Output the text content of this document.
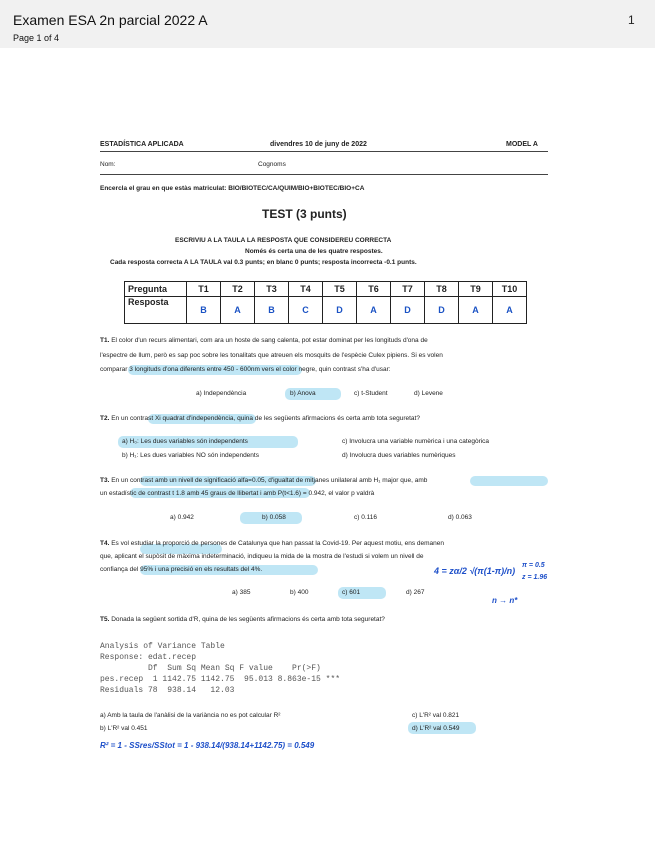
Examen ESA 2n parcial 2022 A
Page 1 of 4
1
ESTADÍSTICA APLICADA	divendres 10 de juny de 2022	MODEL A
Nom:	Cognoms
Encercla el grau en que estàs matriculat: BIO/BIOTEC/CA/QUIM/BIO+BIOTEC/BIO+CA
TEST (3 punts)
ESCRIVIU A LA TAULA LA RESPOSTA QUE CONSIDEREU CORRECTA
Només és certa una de les quatre respostes.
Cada resposta correcta A LA TAULA val 0.3 punts; en blanc 0 punts; resposta incorrecta -0.1 punts.
Pregunta	T1	T2	T3	T4	T5	T6	T7	T8	T9	T10
Resposta	B	A	B	C	D	A	D	D	A	A
T1. El color d'un recurs alimentari, com ara un hoste de sang calenta, pot estar dominat per les longituds d'ona de
l'espectre de llum, però es sap poc sobre les tonalitats que atreuen els mosquits de l'espècie Culex pipiens. Si es volen
comparar 3 longituds d'ona diferents entre 450 - 600nm vers el color negre, quin contrast s'ha d'usar:
a) Independència	b) Anova	c) t-Student	d) Levene
T2. En un contrast Xi quadrat d'independència, quina de les següents afirmacions és certa amb tota seguretat?
a) H₀: Les dues variables són independents
b) H₁: Les dues variables NO són independents
c) Involucra una variable numèrica i una categòrica
d) Involucra dues variables numèriques
T3. En un contrast amb un nivell de significació alfa=0.05, d'igualtat de mitjanes unilateral amb H₁ major que, amb
un estadístic de contrast t 1.8 amb 45 graus de llibertat i amb P(t<1.6) = 0.942, el valor p valdrà
a) 0.942	b) 0.058	c) 0.116	d) 0.063
T4. Es vol estudiar la proporció de persones de Catalunya que han passat la Covid-19. Per aquest motiu, ens demanen
que, aplicant el supòsit de màxima indeterminació, indiqueu la mida de la mostra de l'estudi si volem un nivell de
confiança del 95% i una precisió en els resultats del 4%.
a) 385	b) 400	c) 601	d) 267
4 = zα/2 √(π(1-π)/n)
π = 0.5
z = 1.96
n → n*
T5. Donada la següent sortida d'R, quina de les següents afirmacions és certa amb tota seguretat?
Analysis of Variance Table
Response: edat.recep
Df  Sum Sq Mean Sq F value    Pr(>F)
pes.recep  1 1142.75 1142.75  95.013 8.863e-15 ***
Residuals 78  938.14   12.03
a) Amb la taula de l'anàlisi de la variància no es pot calcular R²
b) L'R² val 0.451
c) L'R² val 0.821
d) L'R² val 0.549
R² = 1 - SSres/SStot = 1 - 938.14/(938.14+1142.75) = 0.549
